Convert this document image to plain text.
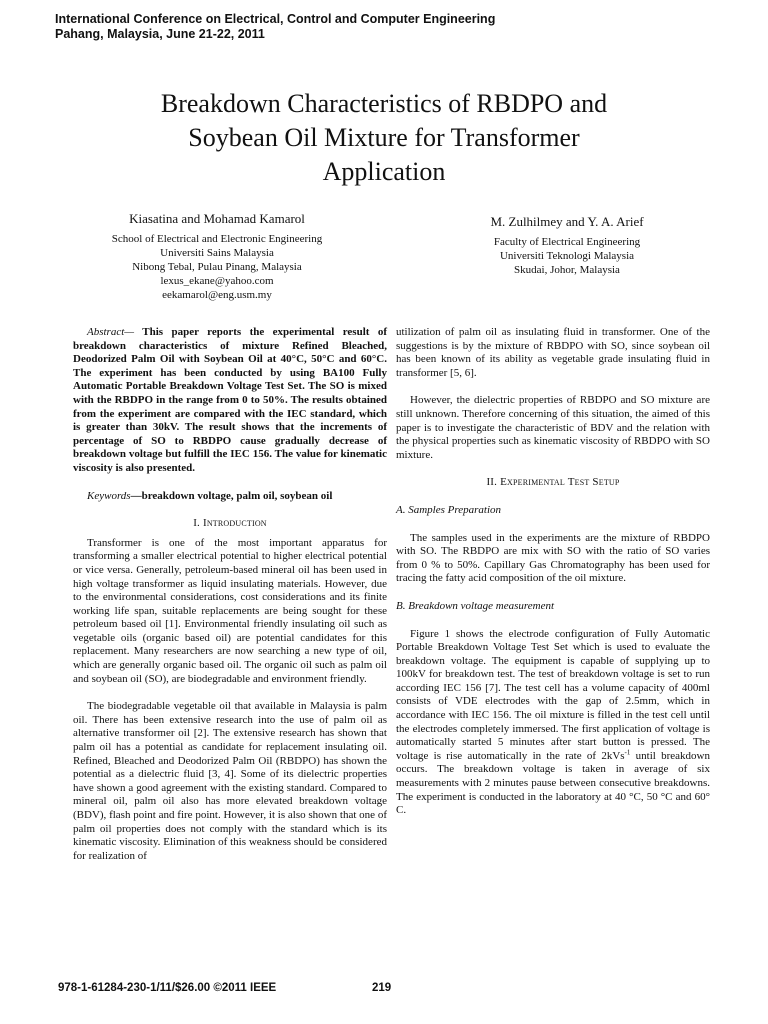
International Conference on Electrical, Control and Computer Engineering
Pahang, Malaysia, June 21-22, 2011
Breakdown Characteristics of RBDPO and
Soybean Oil Mixture for Transformer
Application
Kiasatina and Mohamad Kamarol
School of Electrical and Electronic Engineering
Universiti Sains Malaysia
Nibong Tebal, Pulau Pinang, Malaysia
lexus_ekane@yahoo.com
eekamarol@eng.usm.my
M. Zulhilmey and Y. A. Arief
Faculty of Electrical Engineering
Universiti Teknologi Malaysia
Skudai, Johor, Malaysia

Abstract— This paper reports the experimental result of breakdown characteristics of mixture Refined Bleached, Deodorized Palm Oil with Soybean Oil at 40°C, 50°C and 60°C. The experiment has been conducted by using BA100 Fully Automatic Portable Breakdown Voltage Test Set. The SO is mixed with the RBDPO in the range from 0 to 50%. The results obtained from the experiment are compared with the IEC standard, which is greater than 30kV. The result shows that the increments of percentage of SO to RBDPO cause gradually decrease of breakdown voltage but fulfill the IEC 156. The value for kinematic viscosity is also presented.

Keywords—breakdown voltage, palm oil, soybean oil

I. Introduction

Transformer is one of the most important apparatus for transforming a smaller electrical potential to higher electrical potential or vice versa. Generally, petroleum-based mineral oil has been used in high voltage transformer as liquid insulating materials. However, due to the environmental considerations, cost considerations and its finite working life span, suitable replacements are being sought for these petroleum based oil [1]. Environmental friendly insulating oil such as vegetable oils (organic based oil) are potential candidates for this replacement. Many researchers are now searching a new type of oil, which are generally organic based oil. The organic oil such as palm oil and soybean oil (SO), are biodegradable and environment friendly.

The biodegradable vegetable oil that available in Malaysia is palm oil. There has been extensive research into the use of palm oil as alternative transformer oil [2]. The extensive research has shown that palm oil has a potential as candidate for replacement insulating oil. Refined, Bleached and Deodorized Palm Oil (RBDPO) has shown the potential as a dielectric fluid [3, 4]. Some of its dielectric properties have shown a good agreement with the existing standard. Compared to mineral oil, palm oil also has more elevated breakdown voltage (BDV), flash point and fire point. However, it is also shown that one of palm oil properties does not comply with the standard which is its kinematic viscosity. Elimination of this weakness should be considered for realization of

utilization of palm oil as insulating fluid in transformer. One of the suggestions is by the mixture of RBDPO with SO, since soybean oil has been known of its ability as vegetable grade insulating fluid in transformer [5, 6].

However, the dielectric properties of RBDPO and SO mixture are still unknown. Therefore concerning of this situation, the aimed of this paper is to investigate the characteristic of BDV and the relation with the physical properties such as kinematic viscosity of RBDPO with SO mixture.

II. Experimental Test Setup

A. Samples Preparation

The samples used in the experiments are the mixture of RBDPO with SO. The RBDPO are mix with SO with the ratio of SO varies from 0 % to 50%. Capillary Gas Chromatography has been used for tracing the fatty acid composition of the oil mixture.

B. Breakdown voltage measurement

Figure 1 shows the electrode configuration of Fully Automatic Portable Breakdown Voltage Test Set which is used to evaluate the breakdown voltage. The equipment is capable of supplying up to 100kV for breakdown test. The test of breakdown voltage is set to run according IEC 156 [7]. The test cell has a volume capacity of 400ml consists of VDE electrodes with the gap of 2.5mm, which in accordance with IEC 156. The oil mixture is filled in the test cell until the electrodes completely immersed. The first application of voltage is automatically started 5 minutes after start button is pressed. The voltage is rise automatically in the rate of 2kVs$^{-1}$ until breakdown occurs. The breakdown voltage is taken in average of six measurements with 2 minutes pause between consecutive breakdowns. The experiment is conducted in the laboratory at 40 °C, 50 °C and 60° C.

978-1-61284-230-1/11/$26.00 ©2011 IEEE	219
